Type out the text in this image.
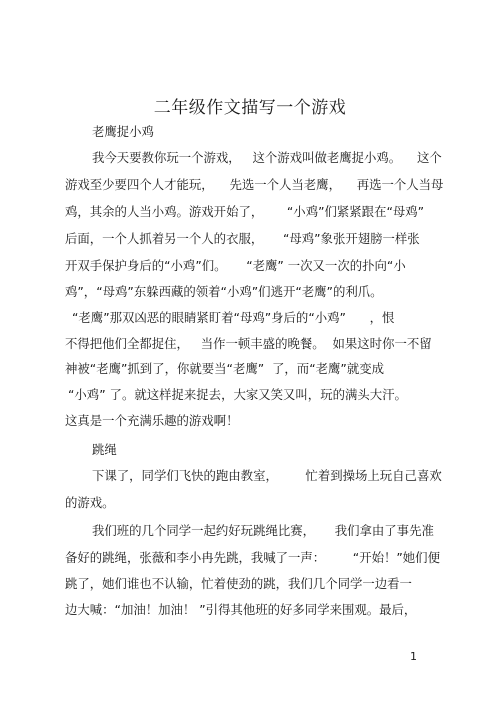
二年级作文描写一个游戏
老鹰捉小鸡
我今天要教你玩一个游戏，   这个游戏叫做老鹰捉小鸡。    这个
游戏至少要四个人才能玩，    先选一个人当老鹰，    再选一个人当母
鸡，其余的人当小鸡。游戏开始了，      “小鸡”们紧紧跟在“母鸡”
后面，一个人抓着另一个人的衣服，     “母鸡”象张开翅膀一样张
开双手保护身后的“小鸡”们。     “老鹰” 一次又一次的扑向“小
鸡”，“母鸡”东躲西藏的领着“小鸡”们逃开“老鹰”的利爪。
“老鹰”那双凶恶的眼睛紧盯着“母鸡”身后的“小鸡”      ，恨
不得把他们全都捉住，   当作一顿丰盛的晚餐。  如果这时你一不留
神被“老鹰”抓到了，你就要当“老鹰”  了，而“老鹰”就变成
“小鸡” 了。就这样捉来捉去，大家又笑又叫，玩的满头大汗。
这真是一个充满乐趣的游戏啊！
跳绳
下课了，同学们飞快的跑由教室，       忙着到操场上玩自己喜欢
的游戏。
我们班的几个同学一起约好玩跳绳比赛，     我们拿由了事先准
备好的跳绳，张薇和李小冉先跳，我喊了一声：       “开始！”她们便
跳了，她们谁也不认输，忙着使劲的跳，我们几个同学一边看一
边大喊：“加油！加油！ ”引得其他班的好多同学来围观。最后，
1
